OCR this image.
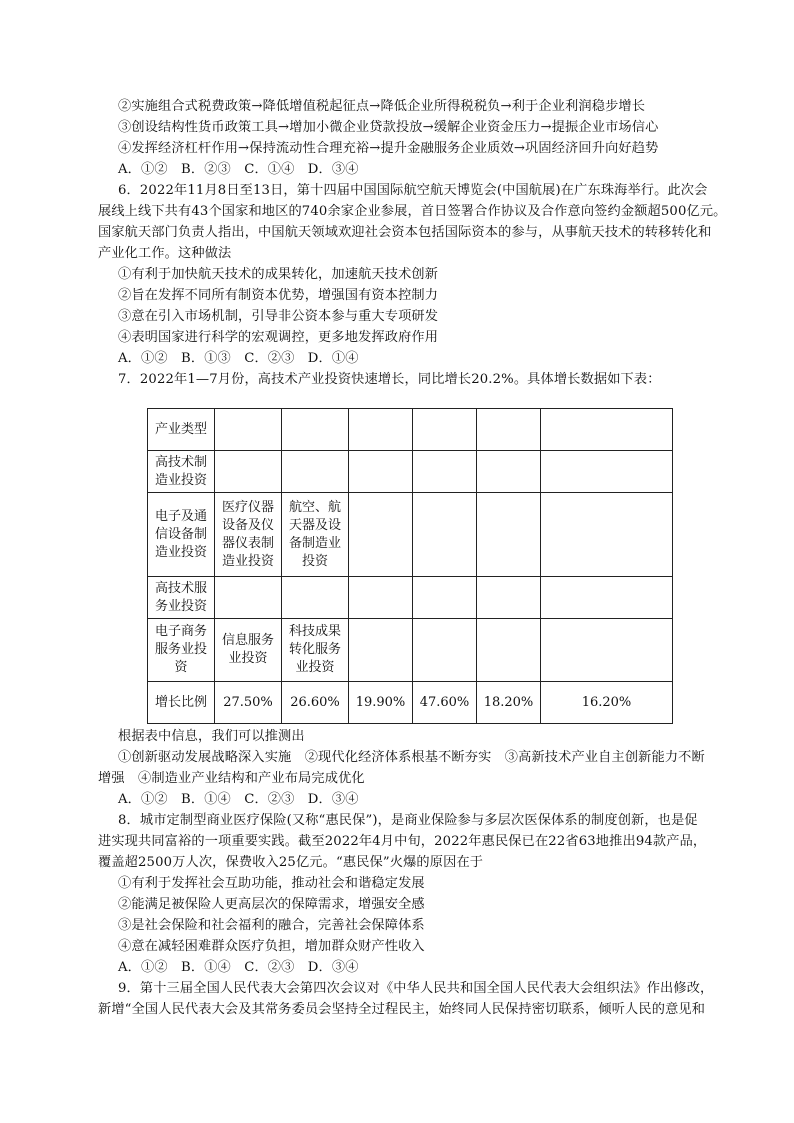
②实施组合式税费政策→降低增值税起征点→降低企业所得税税负→利于企业利润稳步增长
③创设结构性货币政策工具→增加小微企业贷款投放→缓解企业资金压力→提振企业市场信心
④发挥经济杠杆作用→保持流动性合理充裕→提升金融服务企业质效→巩固经济回升向好趋势
A．①②　B．②③　C．①④　D．③④
6．2022年11月8日至13日，第十四届中国国际航空航天博览会(中国航展)在广东珠海举行。此次会
展线上线下共有43个国家和地区的740余家企业参展，首日签署合作协议及合作意向签约金额超500亿元。
国家航天部门负责人指出，中国航天领域欢迎社会资本包括国际资本的参与，从事航天技术的转移转化和
产业化工作。这种做法
①有利于加快航天技术的成果转化，加速航天技术创新
②旨在发挥不同所有制资本优势，增强国有资本控制力
③意在引入市场机制，引导非公资本参与重大专项研发
④表明国家进行科学的宏观调控，更多地发挥政府作用
A．①②　B．①③　C．②③　D．①④
7．2022年1—7月份，高技术产业投资快速增长，同比增长20.2%。具体增长数据如下表：
产业类型						
高技术制造业投资						
电子及通信设备制造业投资	医疗仪器设备及仪器仪表制造业投资	航空、航天器及设备制造业投资				
高技术服务业投资						
电子商务服务业投资	信息服务业投资	科技成果转化服务业投资				
增长比例	27.50%	26.60%	19.90%	47.60%	18.20%	16.20%
根据表中信息，我们可以推测出
①创新驱动发展战略深入实施　②现代化经济体系根基不断夯实　③高新技术产业自主创新能力不断
增强　④制造业产业结构和产业布局完成优化
A．①②　B．①④　C．②③　D．③④
8．城市定制型商业医疗保险(又称“惠民保”)，是商业保险参与多层次医保体系的制度创新，也是促
进实现共同富裕的一项重要实践。截至2022年4月中旬，2022年惠民保已在22省63地推出94款产品，
覆盖超2500万人次，保费收入25亿元。“惠民保”火爆的原因在于
①有利于发挥社会互助功能，推动社会和谐稳定发展
②能满足被保险人更高层次的保障需求，增强安全感
③是社会保险和社会福利的融合，完善社会保障体系
④意在减轻困难群众医疗负担，增加群众财产性收入
A．①②　B．①④　C．②③　D．③④
9．第十三届全国人民代表大会第四次会议对《中华人民共和国全国人民代表大会组织法》作出修改，
新增“全国人民代表大会及其常务委员会坚持全过程民主，始终同人民保持密切联系，倾听人民的意见和
